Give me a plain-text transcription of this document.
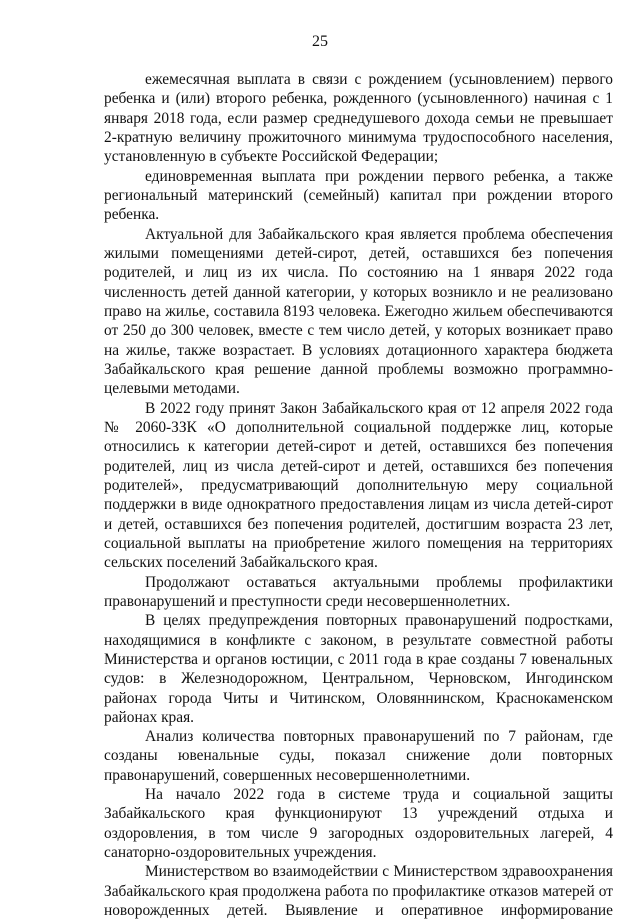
25
ежемесячная выплата в связи с рождением (усыновлением) первого
ребенка и (или) второго ребенка, рожденного (усыновленного) начиная с 1
января 2018 года, если размер среднедушевого дохода семьи не превышает
2-кратную величину прожиточного минимума трудоспособного населения,
установленную в субъекте Российской Федерации;
единовременная выплата при рождении первого ребенка, а также
региональный материнский (семейный) капитал при рождении второго
ребенка.
Актуальной для Забайкальского края является проблема обеспечения
жилыми помещениями детей-сирот, детей, оставшихся без попечения
родителей, и лиц из их числа. По состоянию на 1 января 2022 года
численность детей данной категории, у которых возникло и не реализовано
право на жилье, составила 8193 человека. Ежегодно жильем обеспечиваются
от 250 до 300 человек, вместе с тем число детей, у которых возникает право
на жилье, также возрастает. В условиях дотационного характера бюджета
Забайкальского края решение данной проблемы возможно программно-
целевыми методами.
В 2022 году принят Закон Забайкальского края от 12 апреля 2022 года
№ 2060-ЗЗК «О дополнительной социальной поддержке лиц, которые
относились к категории детей-сирот и детей, оставшихся без попечения
родителей, лиц из числа детей-сирот и детей, оставшихся без попечения
родителей», предусматривающий дополнительную меру социальной
поддержки в виде однократного предоставления лицам из числа детей-сирот
и детей, оставшихся без попечения родителей, достигшим возраста 23 лет,
социальной выплаты на приобретение жилого помещения на территориях
сельских поселений Забайкальского края.
Продолжают оставаться актуальными проблемы профилактики
правонарушений и преступности среди несовершеннолетних.
В целях предупреждения повторных правонарушений подростками,
находящимися в конфликте с законом, в результате совместной работы
Министерства и органов юстиции, с 2011 года в крае созданы 7 ювенальных
судов: в Железнодорожном, Центральном, Черновском, Ингодинском
районах города Читы и Читинском, Оловяннинском, Краснокаменском
районах края.
Анализ количества повторных правонарушений по 7 районам, где
созданы ювенальные суды, показал снижение доли повторных
правонарушений, совершенных несовершеннолетними.
На начало 2022 года в системе труда и социальной защиты
Забайкальского края функционируют 13 учреждений отдыха и
оздоровления, в том числе 9 загородных оздоровительных лагерей, 4
санаторно-оздоровительных учреждения.
Министерством во взаимодействии с Министерством здравоохранения
Забайкальского края продолжена работа по профилактике отказов матерей от
новорожденных детей. Выявление и оперативное информирование
